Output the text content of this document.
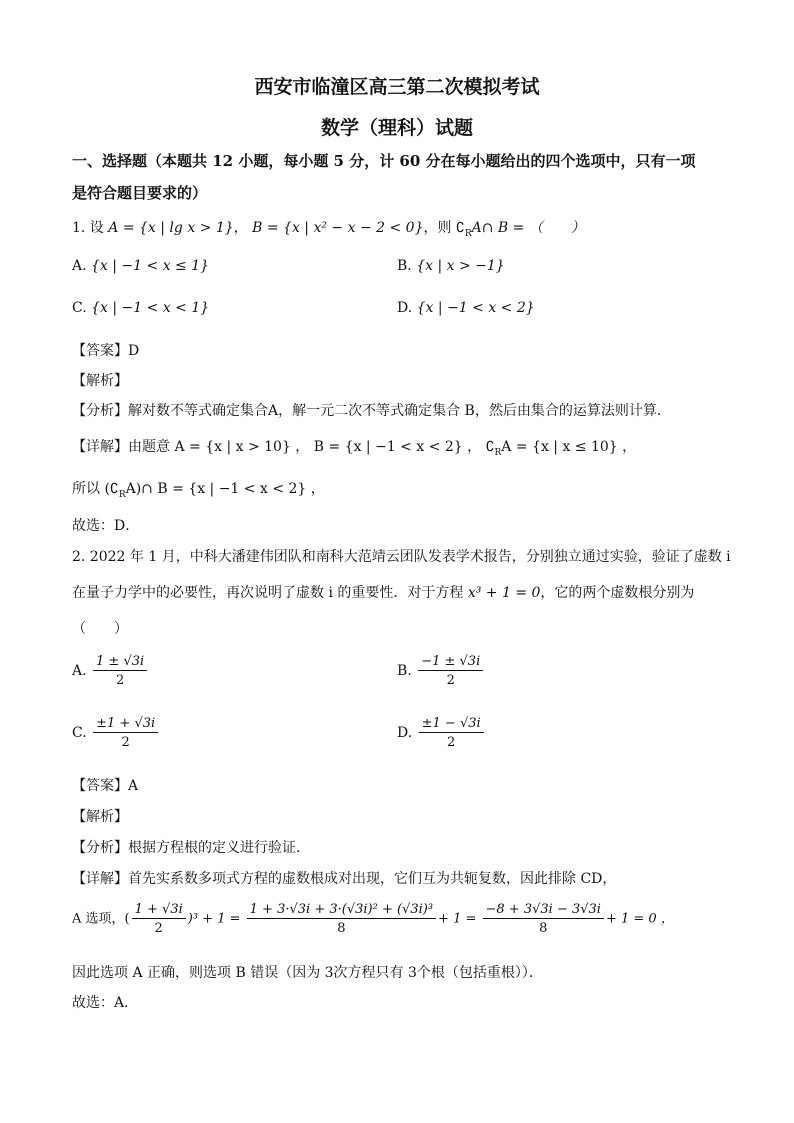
西安市临潼区高三第二次模拟考试
数学（理科）试题
一、选择题（本题共 12 小题，每小题 5 分，计 60 分在每小题给出的四个选项中，只有一项
是符合题目要求的）
1. 设 A = {x | lg x > 1}， B = {x | x² − x − 2 < 0}，则 $∁_RA\cap$ B = （　　）
A. {x | −1 < x ≤ 1}	B. {x | x > −1}
C. {x | −1 < x < 1}	D. {x | −1 < x < 2}
【答案】D
【解析】
【分析】解对数不等式确定集合A，解一元二次不等式确定集合 B，然后由集合的运算法则计算．
【详解】由题意 A = {x | x > 10} ， B = {x | −1 < x < 2} ， $∁_RA = \{x$ | x ≤ 10} ，
所以 $(∁_RA)\cap$ B = {x | −1 < x < 2} ，
故选：D．
2. 2022 年 1 月，中科大潘建伟团队和南科大范靖云团队发表学术报告，分别独立通过实验，验证了虚数 i
在量子力学中的必要性，再次说明了虚数 i 的重要性．对于方程 x³ + 1 = 0，它的两个虚数根分别为
（　　）
A. $\frac{1 \pm √3i}{2}$	B. $\frac{-1 \pm √3i}{2}$
C. $\frac{\pm 1 + √3i}{2}$	D. $\frac{\pm 1 - √3i}{2}$
【答案】A
【解析】
【分析】根据方程根的定义进行验证．
【详解】首先实系数多项式方程的虚数根成对出现，它们互为共轭复数，因此排除 CD，
A 选项，( $\frac{1 + √3i}{2} )^3 + 1 = \frac{\text{1 + 3·√3i + 3·(√3i)² + (√3i)³}}{8} + 1 = \frac{-8 + 3√3i - 3√3i}{8} + 1 = 0$ ，
因此选项 A 正确，则选项 B 错误（因为 3次方程只有 3个根（包括重根））．
故选：A．
